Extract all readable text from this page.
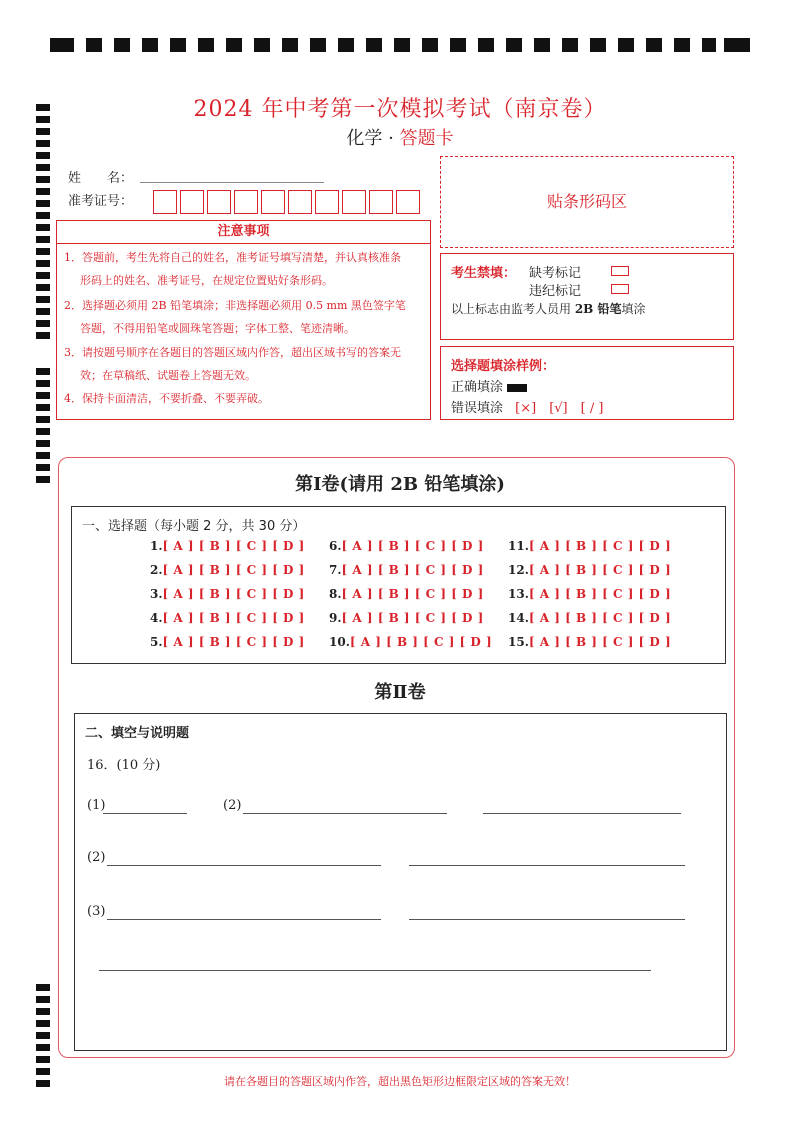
2024 年中考第一次模拟考试（南京卷）
化学 · 答题卡
姓　　名：
准考证号：	贴条形码区
注意事项
1．答题前，考生先将自己的姓名，准考证号填写清楚，并认真核准条
形码上的姓名、准考证号，在规定位置贴好条形码。
2．选择题必须用 2B 铅笔填涂；非选择题必须用 0.5 mm 黑色签字笔
答题，不得用铅笔或圆珠笔答题；字体工整、笔迹清晰。
3．请按题号顺序在各题目的答题区域内作答，超出区域书写的答案无
效；在草稿纸、试题卷上答题无效。
4．保持卡面清洁，不要折叠、不要弄破。
考生禁填： 缺考标记
违纪标记
以上标志由监考人员用 2B 铅笔填涂
选择题填涂样例：
正确填涂
错误填涂 [×]　[√]　[ / ]
第Ⅰ卷(请用 2B 铅笔填涂)
一、选择题（每小题 2 分，共 30 分）
1.[ A ] [ B ] [ C ] [ D ]
2.[ A ] [ B ] [ C ] [ D ]
3.[ A ] [ B ] [ C ] [ D ]
4.[ A ] [ B ] [ C ] [ D ]
5.[ A ] [ B ] [ C ] [ D ]
6.[ A ] [ B ] [ C ] [ D ]
7.[ A ] [ B ] [ C ] [ D ]
8.[ A ] [ B ] [ C ] [ D ]
9.[ A ] [ B ] [ C ] [ D ]
10.[ A ] [ B ] [ C ] [ D ]
11.[ A ] [ B ] [ C ] [ D ]
12.[ A ] [ B ] [ C ] [ D ]
13.[ A ] [ B ] [ C ] [ D ]
14.[ A ] [ B ] [ C ] [ D ]
15.[ A ] [ B ] [ C ] [ D ]
第Ⅱ卷
二、填空与说明题
16．(10 分)
(1)	(2)
(2)
(3)
请在各题目的答题区域内作答，超出黑色矩形边框限定区域的答案无效！
